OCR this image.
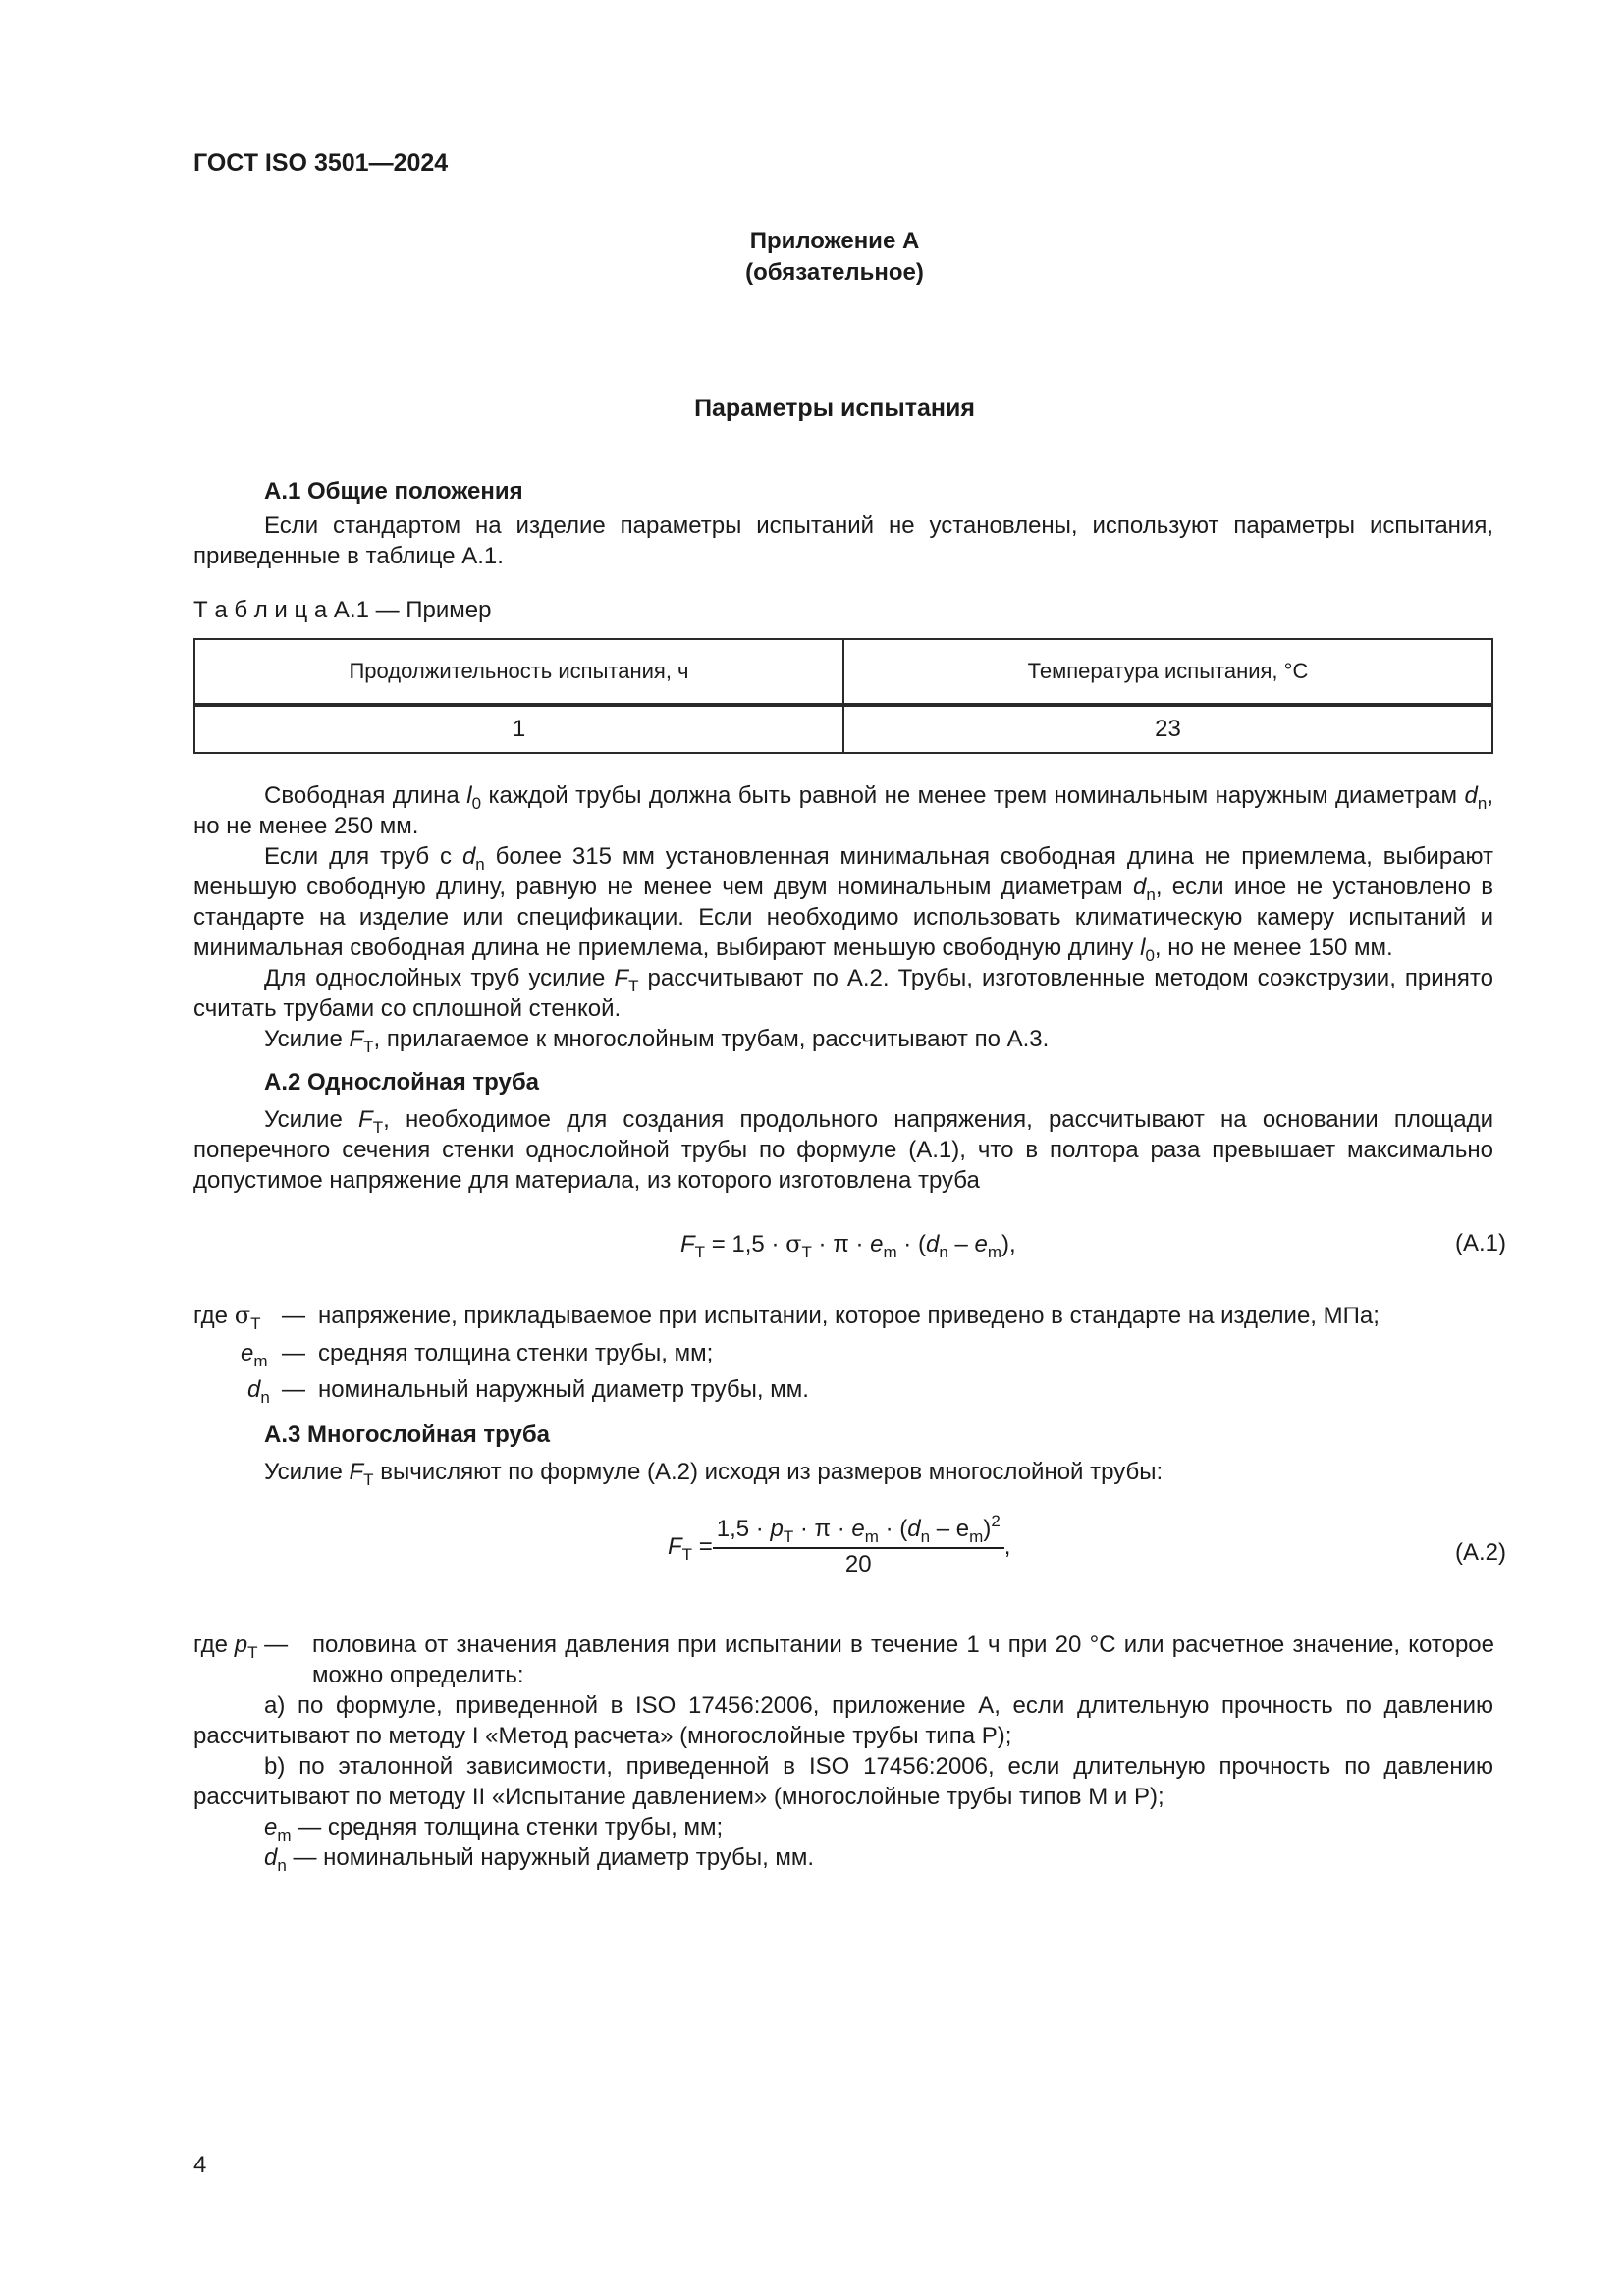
ГОСТ ISO 3501—2024
Приложение А
(обязательное)
Параметры испытания
А.1 Общие положения

Если стандартом на изделие параметры испытаний не установлены, используют параметры испытания, приведенные в таблице А.1.

Т а б л и ц а А.1 — Пример
Продолжительность испытания, ч	Температура испытания, °С
1	23

Свободная длина $l_0$ каждой трубы должна быть равной не менее трем номинальным наружным диаметрам $d_n$, но не менее 250 мм.

Если для труб с $d_n$ более 315 мм установленная минимальная свободная длина не приемлема, выбирают меньшую свободную длину, равную не менее чем двум номинальным диаметрам $d_n$, если иное не установлено в стандарте на изделие или спецификации. Если необходимо использовать климатическую камеру испытаний и минимальная свободная длина не приемлема, выбирают меньшую свободную длину $l_0$, но не менее 150 мм.

Для однослойных труб усилие $F_T$ рассчитывают по А.2. Трубы, изготовленные методом соэкструзии, принято считать трубами со сплошной стенкой.

Усилие $F_T$, прилагаемое к многослойным трубам, рассчитывают по А.3.

А.2 Однослойная труба

Усилие $F_T$, необходимое для создания продольного напряжения, рассчитывают на основании площади поперечного сечения стенки однослойной трубы по формуле (А.1), что в полтора раза превышает максимально допустимое напряжение для материала, из которого изготовлена труба

$F_T = 1,5 \cdot \sigma_T \cdot \pi \cdot e_m \cdot (d_n - e_m)$,	(А.1)
где $\sigma_T$ — напряжение, прикладываемое при испытании, которое приведено в стандарте на изделие, МПа;
$e_m$ — средняя толщина стенки трубы, мм;
$d_n$ — номинальный наружный диаметр трубы, мм.
А.3 Многослойная труба

Усилие $F_T$ вычисляют по формуле (А.2) исходя из размеров многослойной трубы:

$F_T = \frac{1,5 \cdot p_T \cdot \pi \cdot e_m \cdot (d_n - e_m)^2}{20}$ ,	(А.2)
где $p_T$ — половина от значения давления при испытании в течение 1 ч при 20 °С или расчетное значение, которое можно определить:

a) по формуле, приведенной в ISO 17456:2006, приложение А, если длительную прочность по давлению рассчитывают по методу I «Метод расчета» (многослойные трубы типа Р);

b) по эталонной зависимости, приведенной в ISO 17456:2006, если длительную прочность по давлению рассчитывают по методу II «Испытание давлением» (многослойные трубы типов М и Р);

$e_m$ — средняя толщина стенки трубы, мм;
$d_n$ — номинальный наружный диаметр трубы, мм.
4
